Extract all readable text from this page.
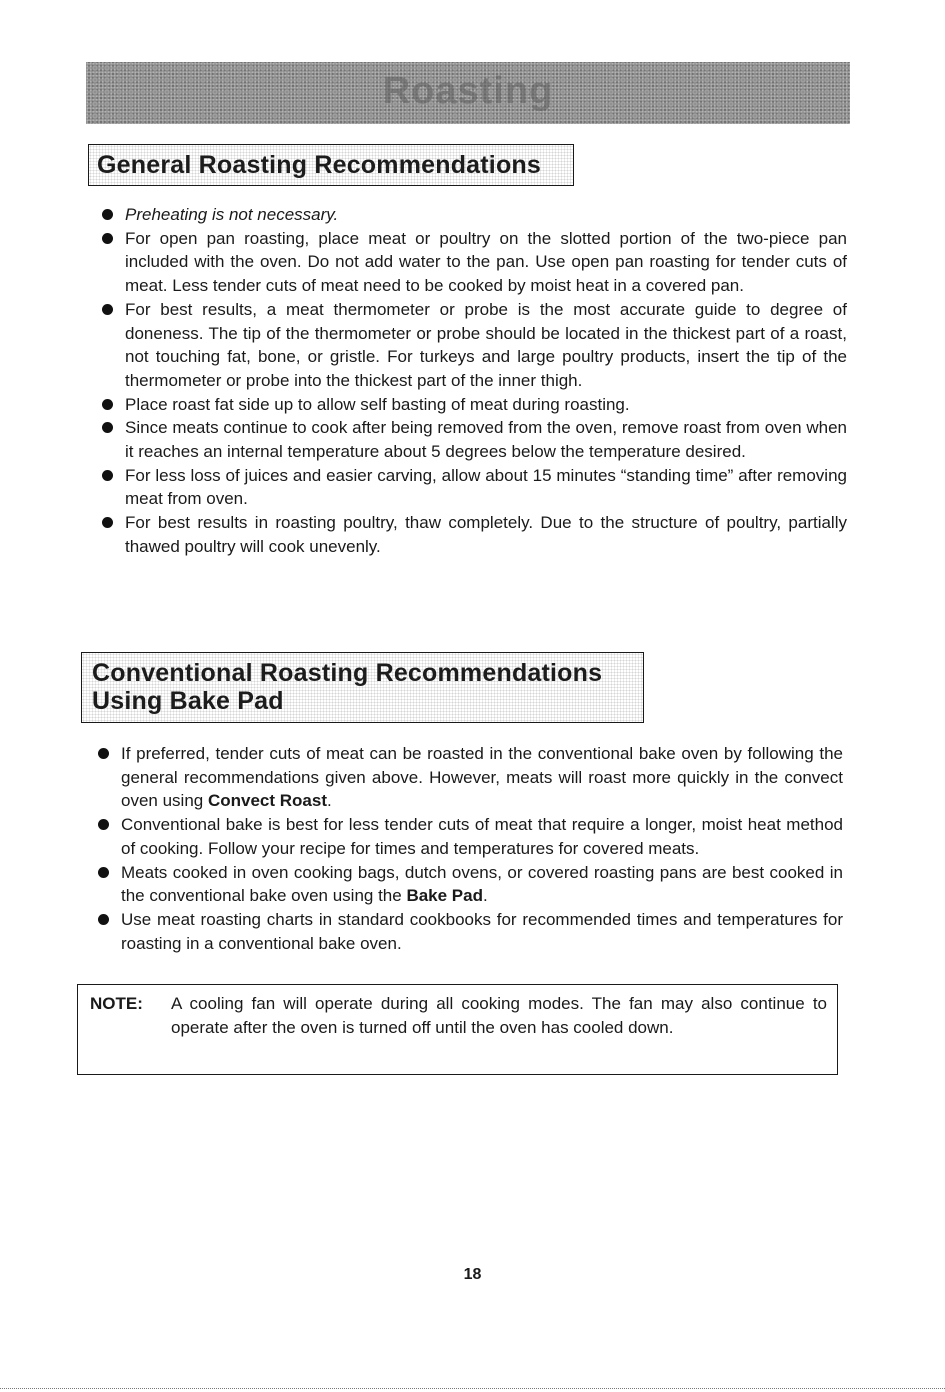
Roasting
General Roasting Recommendations
Preheating is not necessary.
For open pan roasting, place meat or poultry on the slotted portion of the two-piece pan included with the oven. Do not add water to the pan. Use open pan roasting for tender cuts of meat. Less tender cuts of meat need to be cooked by moist heat in a covered pan.
For best results, a meat thermometer or probe is the most accurate guide to degree of doneness. The tip of the thermometer or probe should be located in the thickest part of a roast, not touching fat, bone, or gristle. For turkeys and large poultry products, insert the tip of the thermometer or probe into the thickest part of the inner thigh.
Place roast fat side up to allow self basting of meat during roasting.
Since meats continue to cook after being removed from the oven, remove roast from oven when it reaches an internal temperature about 5 degrees below the temperature desired.
For less loss of juices and easier carving, allow about 15 minutes “standing time” after removing meat from oven.
For best results in roasting poultry, thaw completely. Due to the structure of poultry, partially thawed poultry will cook unevenly.
Conventional Roasting Recommendations
Using Bake Pad
If preferred, tender cuts of meat can be roasted in the conventional bake oven by following the general recommendations given above. However, meats will roast more quickly in the convect oven using Convect Roast.
Conventional bake is best for less tender cuts of meat that require a longer, moist heat method of cooking. Follow your recipe for times and temperatures for covered meats.
Meats cooked in oven cooking bags, dutch ovens, or covered roasting pans are best cooked in the conventional bake oven using the Bake Pad.
Use meat roasting charts in standard cookbooks for recommended times and temperatures for roasting in a conventional bake oven.
NOTE: A cooling fan will operate during all cooking modes. The fan may also continue to operate after the oven is turned off until the oven has cooled down.
18
